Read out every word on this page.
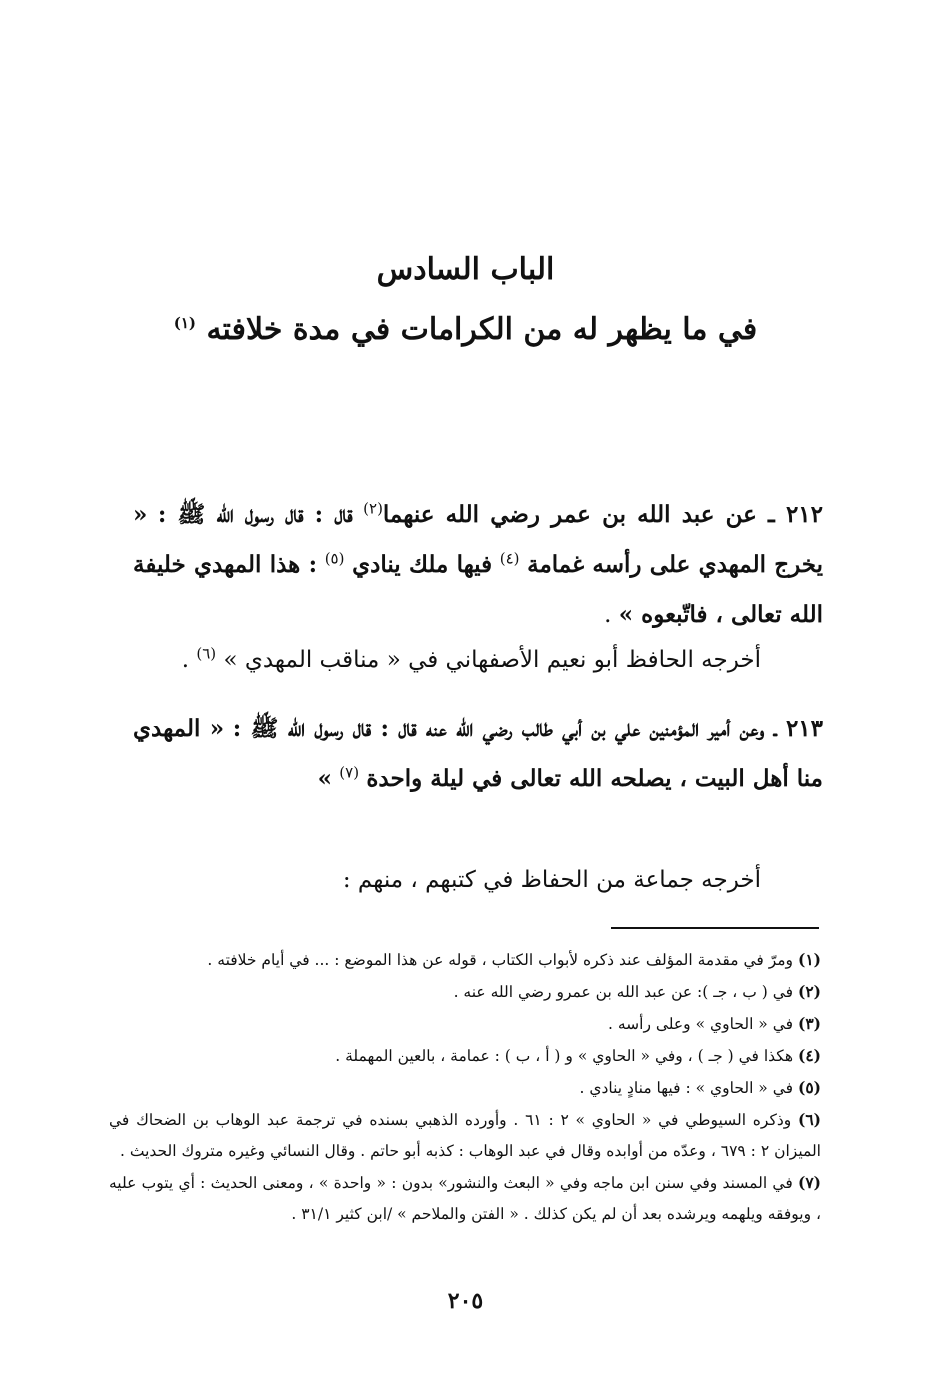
الباب السادس
في ما يظهر له من الكرامات في مدة خلافته $^{(١)}$

٢١٢ ـ عن عبد الله بن عمر رضي الله عنهما$^{(٢)}$ قال : قال رسول الله ﷺ : « يخرج المهدي على رأسه غمامة $^{(٤)}$ فيها ملك ينادي $^{(٥)}$ : هذا المهدي خليفة الله تعالى ، فاتّبعوه » .

أخرجه الحافظ أبو نعيم الأصفهاني في « مناقب المهدي » $^{(٦)}$ .

٢١٣ ـ وعن أمير المؤمنين علي بن أبي طالب رضي الله عنه قال : قال رسول الله ﷺ : « المهدي منا أهل البيت ، يصلحه الله تعالى في ليلة واحدة $^{(٧)}$ »

أخرجه جماعة من الحفاظ في كتبهم ، منهم :

(١) ومرّ في مقدمة المؤلف عند ذكره لأبواب الكتاب ، قوله عن هذا الموضع : ... في أيام خلافته .
(٢) في ( ب ، جـ ): عن عبد الله بن عمرو رضي الله عنه .
(٣) في « الحاوي » وعلى رأسه .
(٤) هكذا في ( جـ ) ، وفي « الحاوي » و ( أ ، ب ) : عمامة ، بالعين المهملة .
(٥) في « الحاوي » : فيها منادٍ ينادي .
(٦) وذكره السيوطي في « الحاوي » ٢ : ٦١ . وأورده الذهبي بسنده في ترجمة عبد الوهاب بن الضحاك في الميزان ٢ : ٦٧٩ ، وعدّه من أوابده وقال في عبد الوهاب : كذبه أبو حاتم . وقال النسائي وغيره متروك الحديث .
(٧) في المسند وفي سنن ابن ماجه وفي « البعث والنشور» بدون : « واحدة » ، ومعنى الحديث : أي يتوب عليه ، ويوفقه ويلهمه ويرشده بعد أن لم يكن كذلك . « الفتن والملاحم » /ابن كثير ٣١/١ .
٢٠٥
